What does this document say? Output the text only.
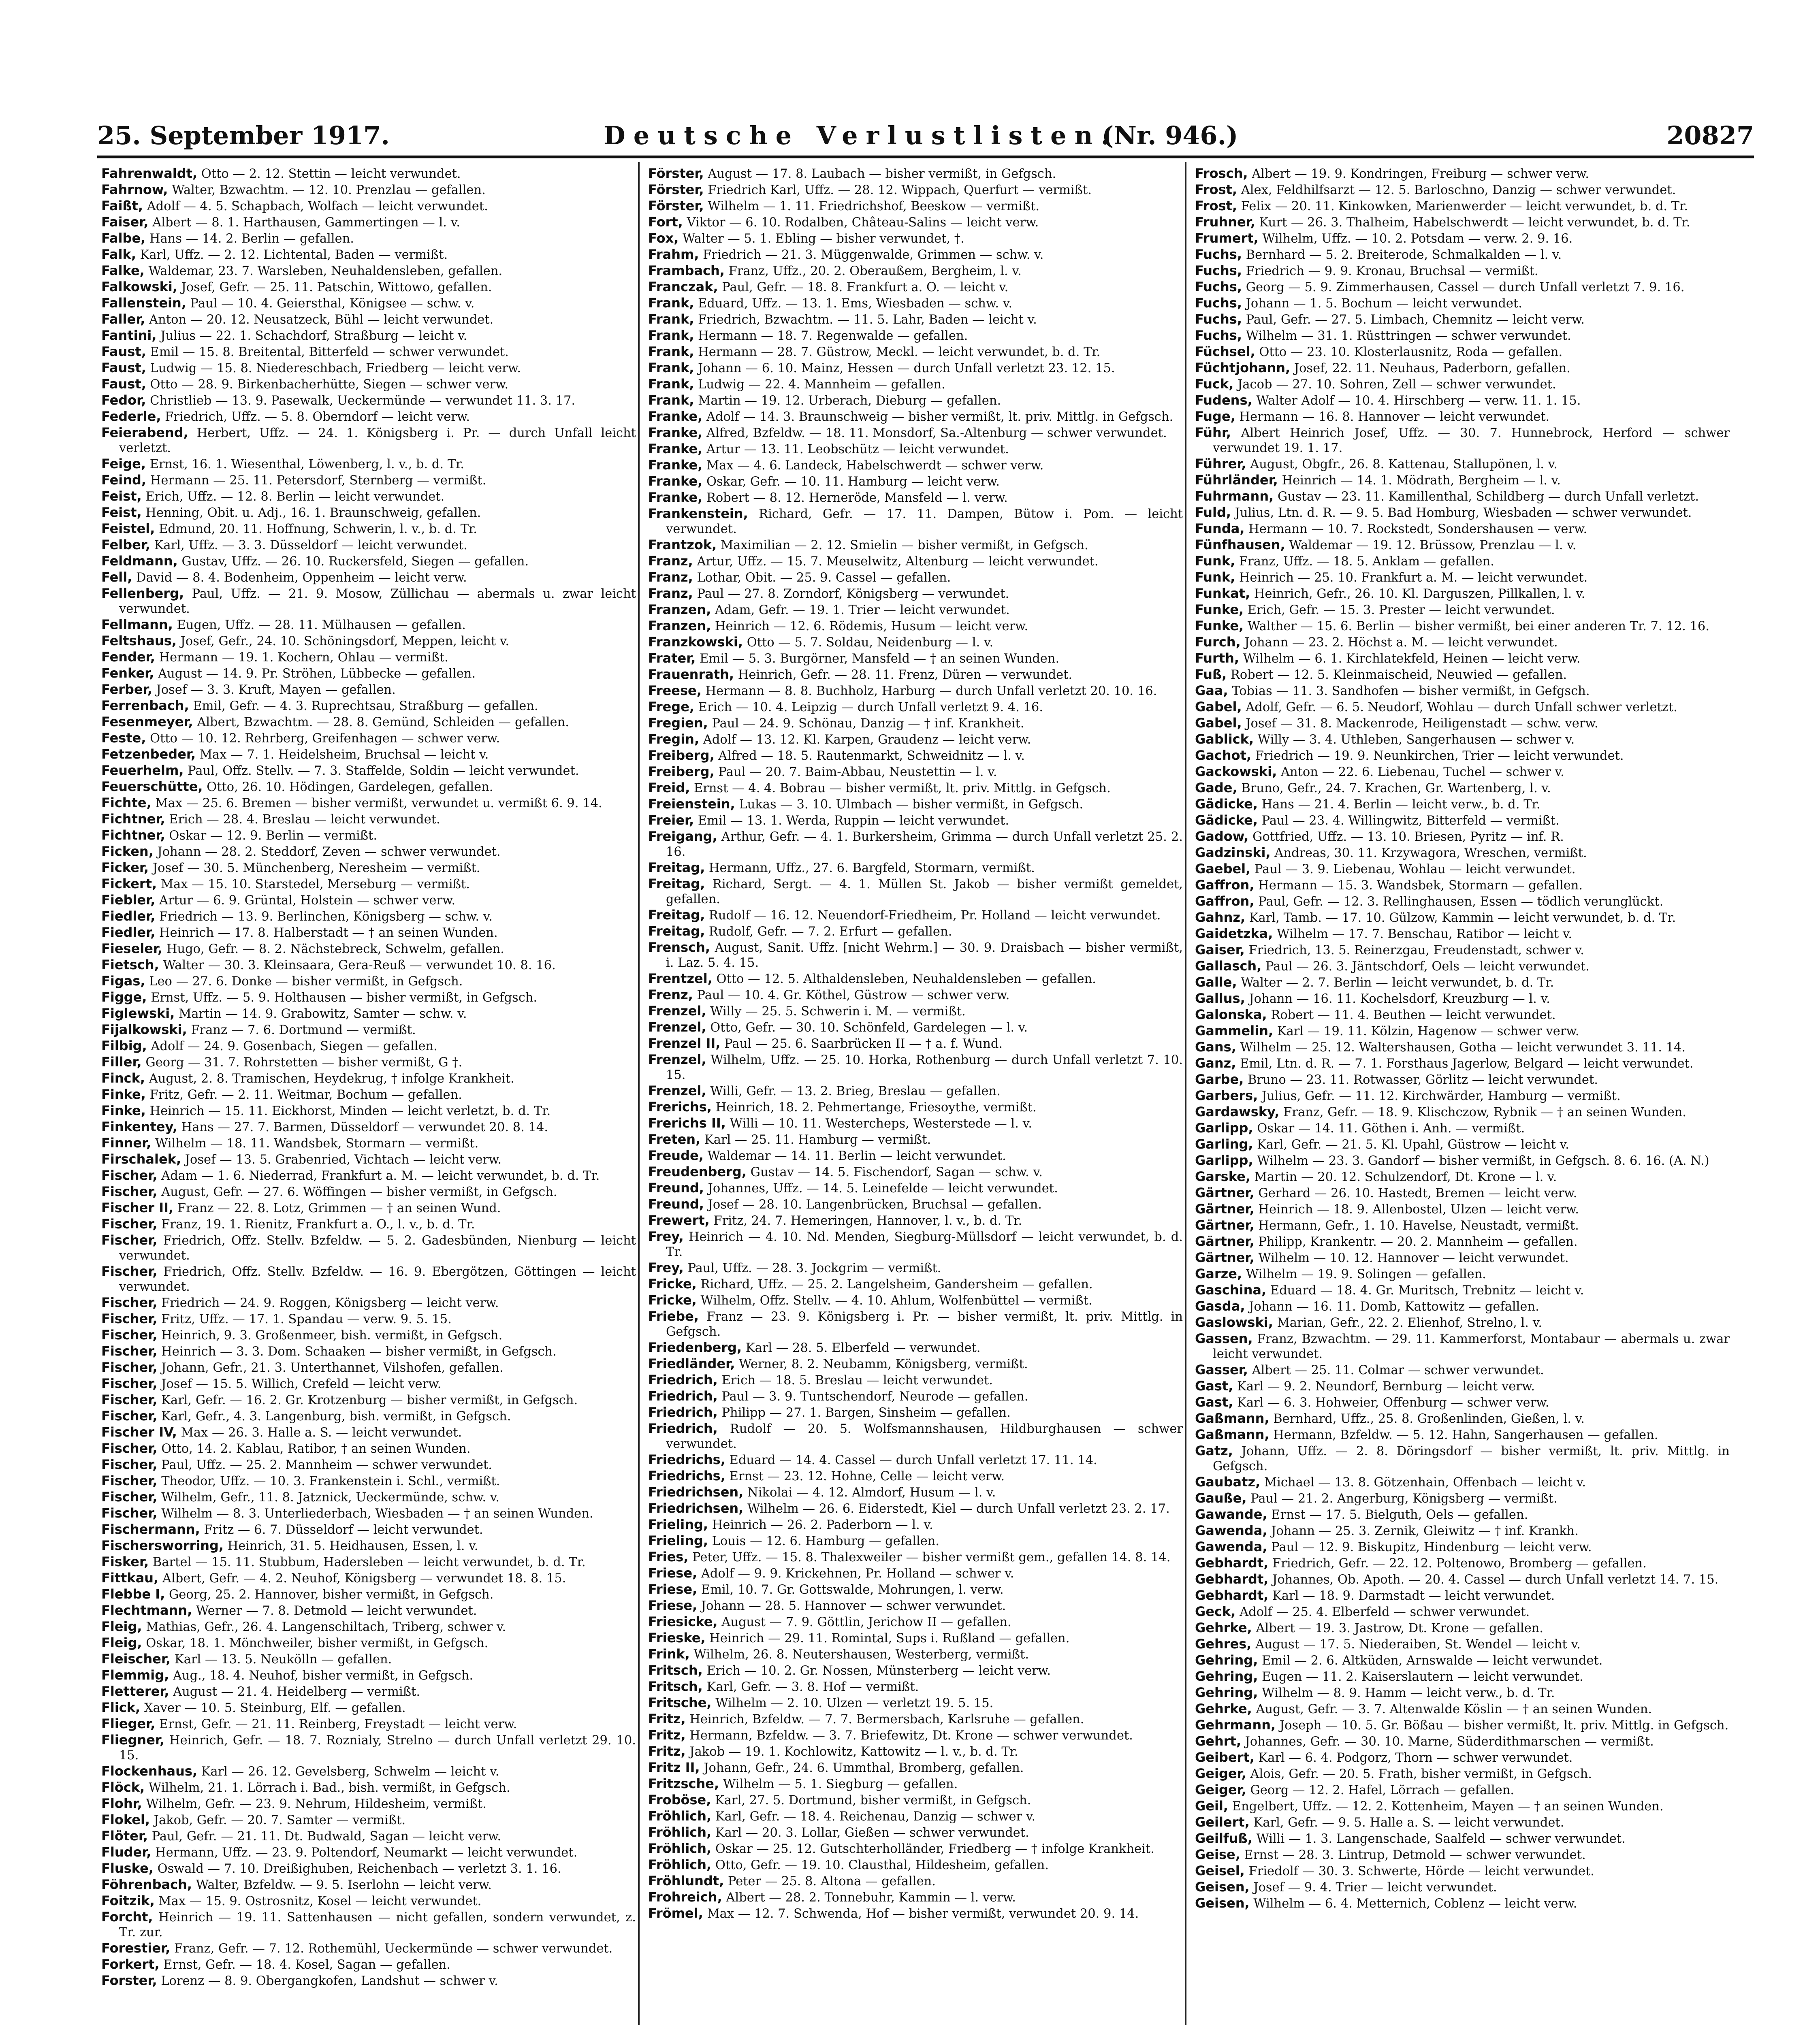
25. September 1917.	Deutsche Verlustlisten.
(Nr. 946.)	20827

Fahrenwaldt, Otto — 2. 12. Stettin — leicht verwundet.

Fahrnow, Walter, Bzwachtm. — 12. 10. Prenzlau — gefallen.

Faißt, Adolf — 4. 5. Schapbach, Wolfach — leicht verwundet.

Faiser, Albert — 8. 1. Harthausen, Gammertingen — l. v.

Falbe, Hans — 14. 2. Berlin — gefallen.

Falk, Karl, Uffz. — 2. 12. Lichtental, Baden — vermißt.

Falke, Waldemar, 23. 7. Warsleben, Neuhaldensleben, gefallen.

Falkowski, Josef, Gefr. — 25. 11. Patschin, Wittowo, gefallen.

Fallenstein, Paul — 10. 4. Geiersthal, Königsee — schw. v.

Faller, Anton — 20. 12. Neusatzeck, Bühl — leicht verwundet.

Fantini, Julius — 22. 1. Schachdorf, Straßburg — leicht v.

Faust, Emil — 15. 8. Breitental, Bitterfeld — schwer verwundet.

Faust, Ludwig — 15. 8. Niedereschbach, Friedberg — leicht verw.

Faust, Otto — 28. 9. Birkenbacherhütte, Siegen — schwer verw.

Fedor, Christlieb — 13. 9. Pasewalk, Ueckermünde — verwundet 11. 3. 17.

Federle, Friedrich, Uffz. — 5. 8. Oberndorf — leicht verw.

Feierabend, Herbert, Uffz. — 24. 1. Königsberg i. Pr. — durch Unfall leicht verletzt.

Feige, Ernst, 16. 1. Wiesenthal, Löwenberg, l. v., b. d. Tr.

Feind, Hermann — 25. 11. Petersdorf, Sternberg — vermißt.

Feist, Erich, Uffz. — 12. 8. Berlin — leicht verwundet.

Feist, Henning, Obit. u. Adj., 16. 1. Braunschweig, gefallen.

Feistel, Edmund, 20. 11. Hoffnung, Schwerin, l. v., b. d. Tr.

Felber, Karl, Uffz. — 3. 3. Düsseldorf — leicht verwundet.

Feldmann, Gustav, Uffz. — 26. 10. Ruckersfeld, Siegen — gefallen.

Fell, David — 8. 4. Bodenheim, Oppenheim — leicht verw.

Fellenberg, Paul, Uffz. — 21. 9. Mosow, Züllichau — abermals u. zwar leicht verwundet.

Fellmann, Eugen, Uffz. — 28. 11. Mülhausen — gefallen.

Feltshaus, Josef, Gefr., 24. 10. Schöningsdorf, Meppen, leicht v.

Fender, Hermann — 19. 1. Kochern, Ohlau — vermißt.

Fenker, August — 14. 9. Pr. Ströhen, Lübbecke — gefallen.

Ferber, Josef — 3. 3. Kruft, Mayen — gefallen.

Ferrenbach, Emil, Gefr. — 4. 3. Ruprechtsau, Straßburg — gefallen.

Fesenmeyer, Albert, Bzwachtm. — 28. 8. Gemünd, Schleiden — gefallen.

Feste, Otto — 10. 12. Rehrberg, Greifenhagen — schwer verw.

Fetzenbeder, Max — 7. 1. Heidelsheim, Bruchsal — leicht v.

Feuerhelm, Paul, Offz. Stellv. — 7. 3. Staffelde, Soldin — leicht verwundet.

Feuerschütte, Otto, 26. 10. Hödingen, Gardelegen, gefallen.

Fichte, Max — 25. 6. Bremen — bisher vermißt, verwundet u. vermißt 6. 9. 14.

Fichtner, Erich — 28. 4. Breslau — leicht verwundet.

Fichtner, Oskar — 12. 9. Berlin — vermißt.

Ficken, Johann — 28. 2. Steddorf, Zeven — schwer verwundet.

Ficker, Josef — 30. 5. Münchenberg, Neresheim — vermißt.

Fickert, Max — 15. 10. Starstedel, Merseburg — vermißt.

Fiebler, Artur — 6. 9. Grüntal, Holstein — schwer verw.

Fiedler, Friedrich — 13. 9. Berlinchen, Königsberg — schw. v.

Fiedler, Heinrich — 17. 8. Halberstadt — † an seinen Wunden.

Fieseler, Hugo, Gefr. — 8. 2. Nächstebreck, Schwelm, gefallen.

Fietsch, Walter — 30. 3. Kleinsaara, Gera-Reuß — verwundet 10. 8. 16.

Figas, Leo — 27. 6. Donke — bisher vermißt, in Gefgsch.

Figge, Ernst, Uffz. — 5. 9. Holthausen — bisher vermißt, in Gefgsch.

Figlewski, Martin — 14. 9. Grabowitz, Samter — schw. v.

Fijalkowski, Franz — 7. 6. Dortmund — vermißt.

Filbig, Adolf — 24. 9. Gosenbach, Siegen — gefallen.

Filler, Georg — 31. 7. Rohrstetten — bisher vermißt, G †.

Finck, August, 2. 8. Tramischen, Heydekrug, † infolge Krankheit.

Finke, Fritz, Gefr. — 2. 11. Weitmar, Bochum — gefallen.

Finke, Heinrich — 15. 11. Eickhorst, Minden — leicht verletzt, b. d. Tr.

Finkentey, Hans — 27. 7. Barmen, Düsseldorf — verwundet 20. 8. 14.

Finner, Wilhelm — 18. 11. Wandsbek, Stormarn — vermißt.

Firschalek, Josef — 13. 5. Grabenried, Vichtach — leicht verw.

Fischer, Adam — 1. 6. Niederrad, Frankfurt a. M. — leicht verwundet, b. d. Tr.

Fischer, August, Gefr. — 27. 6. Wöffingen — bisher vermißt, in Gefgsch.

Fischer II, Franz — 22. 8. Lotz, Grimmen — † an seinen Wund.

Fischer, Franz, 19. 1. Rienitz, Frankfurt a. O., l. v., b. d. Tr.

Fischer, Friedrich, Offz. Stellv. Bzfeldw. — 5. 2. Gadesbünden, Nienburg — leicht verwundet.

Fischer, Friedrich, Offz. Stellv. Bzfeldw. — 16. 9. Ebergötzen, Göttingen — leicht verwundet.

Fischer, Friedrich — 24. 9. Roggen, Königsberg — leicht verw.

Fischer, Fritz, Uffz. — 17. 1. Spandau — verw. 9. 5. 15.

Fischer, Heinrich, 9. 3. Großenmeer, bish. vermißt, in Gefgsch.

Fischer, Heinrich — 3. 3. Dom. Schaaken — bisher vermißt, in Gefgsch.

Fischer, Johann, Gefr., 21. 3. Unterthannet, Vilshofen, gefallen.

Fischer, Josef — 15. 5. Willich, Crefeld — leicht verw.

Fischer, Karl, Gefr. — 16. 2. Gr. Krotzenburg — bisher vermißt, in Gefgsch.

Fischer, Karl, Gefr., 4. 3. Langenburg, bish. vermißt, in Gefgsch.

Fischer IV, Max — 26. 3. Halle a. S. — leicht verwundet.

Fischer, Otto, 14. 2. Kablau, Ratibor, † an seinen Wunden.

Fischer, Paul, Uffz. — 25. 2. Mannheim — schwer verwundet.

Fischer, Theodor, Uffz. — 10. 3. Frankenstein i. Schl., vermißt.

Fischer, Wilhelm, Gefr., 11. 8. Jatznick, Ueckermünde, schw. v.

Fischer, Wilhelm — 8. 3. Unterliederbach, Wiesbaden — † an seinen Wunden.

Fischermann, Fritz — 6. 7. Düsseldorf — leicht verwundet.

Fischersworring, Heinrich, 31. 5. Heidhausen, Essen, l. v.

Fisker, Bartel — 15. 11. Stubbum, Hadersleben — leicht verwundet, b. d. Tr.

Fittkau, Albert, Gefr. — 4. 2. Neuhof, Königsberg — verwundet 18. 8. 15.

Flebbe I, Georg, 25. 2. Hannover, bisher vermißt, in Gefgsch.

Flechtmann, Werner — 7. 8. Detmold — leicht verwundet.

Fleig, Mathias, Gefr., 26. 4. Langenschiltach, Triberg, schwer v.

Fleig, Oskar, 18. 1. Mönchweiler, bisher vermißt, in Gefgsch.

Fleischer, Karl — 13. 5. Neukölln — gefallen.

Flemmig, Aug., 18. 4. Neuhof, bisher vermißt, in Gefgsch.

Fletterer, August — 21. 4. Heidelberg — vermißt.

Flick, Xaver — 10. 5. Steinburg, Elf. — gefallen.

Flieger, Ernst, Gefr. — 21. 11. Reinberg, Freystadt — leicht verw.

Fliegner, Heinrich, Gefr. — 18. 7. Roznialy, Strelno — durch Unfall verletzt 29. 10. 15.

Flockenhaus, Karl — 26. 12. Gevelsberg, Schwelm — leicht v.

Flöck, Wilhelm, 21. 1. Lörrach i. Bad., bish. vermißt, in Gefgsch.

Flohr, Wilhelm, Gefr. — 23. 9. Nehrum, Hildesheim, vermißt.

Flokel, Jakob, Gefr. — 20. 7. Samter — vermißt.

Flöter, Paul, Gefr. — 21. 11. Dt. Budwald, Sagan — leicht verw.

Fluder, Hermann, Uffz. — 23. 9. Poltendorf, Neumarkt — leicht verwundet.

Fluske, Oswald — 7. 10. Dreißighuben, Reichenbach — verletzt 3. 1. 16.

Föhrenbach, Walter, Bzfeldw. — 9. 5. Iserlohn — leicht verw.

Foitzik, Max — 15. 9. Ostrosnitz, Kosel — leicht verwundet.

Forcht, Heinrich — 19. 11. Sattenhausen — nicht gefallen, sondern verwundet, z. Tr. zur.

Forestier, Franz, Gefr. — 7. 12. Rothemühl, Ueckermünde — schwer verwundet.

Forkert, Ernst, Gefr. — 18. 4. Kosel, Sagan — gefallen.

Forster, Lorenz — 8. 9. Obergangkofen, Landshut — schwer v.

Förster, August — 17. 8. Laubach — bisher vermißt, in Gefgsch.

Förster, Friedrich Karl, Uffz. — 28. 12. Wippach, Querfurt — vermißt.

Förster, Wilhelm — 1. 11. Friedrichshof, Beeskow — vermißt.

Fort, Viktor — 6. 10. Rodalben, Château-Salins — leicht verw.

Fox, Walter — 5. 1. Ebling — bisher verwundet, †.

Frahm, Friedrich — 21. 3. Müggenwalde, Grimmen — schw. v.

Frambach, Franz, Uffz., 20. 2. Oberaußem, Bergheim, l. v.

Franczak, Paul, Gefr. — 18. 8. Frankfurt a. O. — leicht v.

Frank, Eduard, Uffz. — 13. 1. Ems, Wiesbaden — schw. v.

Frank, Friedrich, Bzwachtm. — 11. 5. Lahr, Baden — leicht v.

Frank, Hermann — 18. 7. Regenwalde — gefallen.

Frank, Hermann — 28. 7. Güstrow, Meckl. — leicht verwundet, b. d. Tr.

Frank, Johann — 6. 10. Mainz, Hessen — durch Unfall verletzt 23. 12. 15.

Frank, Ludwig — 22. 4. Mannheim — gefallen.

Frank, Martin — 19. 12. Urberach, Dieburg — gefallen.

Franke, Adolf — 14. 3. Braunschweig — bisher vermißt, lt. priv. Mittlg. in Gefgsch.

Franke, Alfred, Bzfeldw. — 18. 11. Monsdorf, Sa.-Altenburg — schwer verwundet.

Franke, Artur — 13. 11. Leobschütz — leicht verwundet.

Franke, Max — 4. 6. Landeck, Habelschwerdt — schwer verw.

Franke, Oskar, Gefr. — 10. 11. Hamburg — leicht verw.

Franke, Robert — 8. 12. Herneröde, Mansfeld — l. verw.

Frankenstein, Richard, Gefr. — 17. 11. Dampen, Bütow i. Pom. — leicht verwundet.

Frantzok, Maximilian — 2. 12. Smielin — bisher vermißt, in Gefgsch.

Franz, Artur, Uffz. — 15. 7. Meuselwitz, Altenburg — leicht verwundet.

Franz, Lothar, Obit. — 25. 9. Cassel — gefallen.

Franz, Paul — 27. 8. Zorndorf, Königsberg — verwundet.

Franzen, Adam, Gefr. — 19. 1. Trier — leicht verwundet.

Franzen, Heinrich — 12. 6. Rödemis, Husum — leicht verw.

Franzkowski, Otto — 5. 7. Soldau, Neidenburg — l. v.

Frater, Emil — 5. 3. Burgörner, Mansfeld — † an seinen Wunden.

Frauenrath, Heinrich, Gefr. — 28. 11. Frenz, Düren — verwundet.

Freese, Hermann — 8. 8. Buchholz, Harburg — durch Unfall verletzt 20. 10. 16.

Frege, Erich — 10. 4. Leipzig — durch Unfall verletzt 9. 4. 16.

Fregien, Paul — 24. 9. Schönau, Danzig — † inf. Krankheit.

Fregin, Adolf — 13. 12. Kl. Karpen, Graudenz — leicht verw.

Freiberg, Alfred — 18. 5. Rautenmarkt, Schweidnitz — l. v.

Freiberg, Paul — 20. 7. Baim-Abbau, Neustettin — l. v.

Freid, Ernst — 4. 4. Bobrau — bisher vermißt, lt. priv. Mittlg. in Gefgsch.

Freienstein, Lukas — 3. 10. Ulmbach — bisher vermißt, in Gefgsch.

Freier, Emil — 13. 1. Werda, Ruppin — leicht verwundet.

Freigang, Arthur, Gefr. — 4. 1. Burkersheim, Grimma — durch Unfall verletzt 25. 2. 16.

Freitag, Hermann, Uffz., 27. 6. Bargfeld, Stormarn, vermißt.

Freitag, Richard, Sergt. — 4. 1. Müllen St. Jakob — bisher vermißt gemeldet, gefallen.

Freitag, Rudolf — 16. 12. Neuendorf-Friedheim, Pr. Holland — leicht verwundet.

Freitag, Rudolf, Gefr. — 7. 2. Erfurt — gefallen.

Frensch, August, Sanit. Uffz. [nicht Wehrm.] — 30. 9. Draisbach — bisher vermißt, i. Laz. 5. 4. 15.

Frentzel, Otto — 12. 5. Althaldensleben, Neuhaldensleben — gefallen.

Frenz, Paul — 10. 4. Gr. Köthel, Güstrow — schwer verw.

Frenzel, Willy — 25. 5. Schwerin i. M. — vermißt.

Frenzel, Otto, Gefr. — 30. 10. Schönfeld, Gardelegen — l. v.

Frenzel II, Paul — 25. 6. Saarbrücken II — † a. f. Wund.

Frenzel, Wilhelm, Uffz. — 25. 10. Horka, Rothenburg — durch Unfall verletzt 7. 10. 15.

Frenzel, Willi, Gefr. — 13. 2. Brieg, Breslau — gefallen.

Frerichs, Heinrich, 18. 2. Pehmertange, Friesoythe, vermißt.

Frerichs II, Willi — 10. 11. Westercheps, Westerstede — l. v.

Freten, Karl — 25. 11. Hamburg — vermißt.

Freude, Waldemar — 14. 11. Berlin — leicht verwundet.

Freudenberg, Gustav — 14. 5. Fischendorf, Sagan — schw. v.

Freund, Johannes, Uffz. — 14. 5. Leinefelde — leicht verwundet.

Freund, Josef — 28. 10. Langenbrücken, Bruchsal — gefallen.

Frewert, Fritz, 24. 7. Hemeringen, Hannover, l. v., b. d. Tr.

Frey, Heinrich — 4. 10. Nd. Menden, Siegburg-Müllsdorf — leicht verwundet, b. d. Tr.

Frey, Paul, Uffz. — 28. 3. Jockgrim — vermißt.

Fricke, Richard, Uffz. — 25. 2. Langelsheim, Gandersheim — gefallen.

Fricke, Wilhelm, Offz. Stellv. — 4. 10. Ahlum, Wolfenbüttel — vermißt.

Friebe, Franz — 23. 9. Königsberg i. Pr. — bisher vermißt, lt. priv. Mittlg. in Gefgsch.

Friedenberg, Karl — 28. 5. Elberfeld — verwundet.

Friedländer, Werner, 8. 2. Neubamm, Königsberg, vermißt.

Friedrich, Erich — 18. 5. Breslau — leicht verwundet.

Friedrich, Paul — 3. 9. Tuntschendorf, Neurode — gefallen.

Friedrich, Philipp — 27. 1. Bargen, Sinsheim — gefallen.

Friedrich, Rudolf — 20. 5. Wolfsmannshausen, Hildburghausen — schwer verwundet.

Friedrichs, Eduard — 14. 4. Cassel — durch Unfall verletzt 17. 11. 14.

Friedrichs, Ernst — 23. 12. Hohne, Celle — leicht verw.

Friedrichsen, Nikolai — 4. 12. Almdorf, Husum — l. v.

Friedrichsen, Wilhelm — 26. 6. Eiderstedt, Kiel — durch Unfall verletzt 23. 2. 17.

Frieling, Heinrich — 26. 2. Paderborn — l. v.

Frieling, Louis — 12. 6. Hamburg — gefallen.

Fries, Peter, Uffz. — 15. 8. Thalexweiler — bisher vermißt gem., gefallen 14. 8. 14.

Friese, Adolf — 9. 9. Krickehnen, Pr. Holland — schwer v.

Friese, Emil, 10. 7. Gr. Gottswalde, Mohrungen, l. verw.

Friese, Johann — 28. 5. Hannover — schwer verwundet.

Friesicke, August — 7. 9. Göttlin, Jerichow II — gefallen.

Frieske, Heinrich — 29. 11. Romintal, Sups i. Rußland — gefallen.

Frink, Wilhelm, 26. 8. Neutershausen, Westerberg, vermißt.

Fritsch, Erich — 10. 2. Gr. Nossen, Münsterberg — leicht verw.

Fritsch, Karl, Gefr. — 3. 8. Hof — vermißt.

Fritsche, Wilhelm — 2. 10. Ulzen — verletzt 19. 5. 15.

Fritz, Heinrich, Bzfeldw. — 7. 7. Bermersbach, Karlsruhe — gefallen.

Fritz, Hermann, Bzfeldw. — 3. 7. Briefewitz, Dt. Krone — schwer verwundet.

Fritz, Jakob — 19. 1. Kochlowitz, Kattowitz — l. v., b. d. Tr.

Fritz II, Johann, Gefr., 24. 6. Ummthal, Bromberg, gefallen.

Fritzsche, Wilhelm — 5. 1. Siegburg — gefallen.

Froböse, Karl, 27. 5. Dortmund, bisher vermißt, in Gefgsch.

Fröhlich, Karl, Gefr. — 18. 4. Reichenau, Danzig — schwer v.

Fröhlich, Karl — 20. 3. Lollar, Gießen — schwer verwundet.

Fröhlich, Oskar — 25. 12. Gutschterholländer, Friedberg — † infolge Krankheit.

Fröhlich, Otto, Gefr. — 19. 10. Clausthal, Hildesheim, gefallen.

Fröhlundt, Peter — 25. 8. Altona — gefallen.

Frohreich, Albert — 28. 2. Tonnebuhr, Kammin — l. verw.

Frömel, Max — 12. 7. Schwenda, Hof — bisher vermißt, verwundet 20. 9. 14.

Frosch, Albert — 19. 9. Kondringen, Freiburg — schwer verw.

Frost, Alex, Feldhilfsarzt — 12. 5. Barloschno, Danzig — schwer verwundet.

Frost, Felix — 20. 11. Kinkowken, Marienwerder — leicht verwundet, b. d. Tr.

Fruhner, Kurt — 26. 3. Thalheim, Habelschwerdt — leicht verwundet, b. d. Tr.

Frumert, Wilhelm, Uffz. — 10. 2. Potsdam — verw. 2. 9. 16.

Fuchs, Bernhard — 5. 2. Breiterode, Schmalkalden — l. v.

Fuchs, Friedrich — 9. 9. Kronau, Bruchsal — vermißt.

Fuchs, Georg — 5. 9. Zimmerhausen, Cassel — durch Unfall verletzt 7. 9. 16.

Fuchs, Johann — 1. 5. Bochum — leicht verwundet.

Fuchs, Paul, Gefr. — 27. 5. Limbach, Chemnitz — leicht verw.

Fuchs, Wilhelm — 31. 1. Rüsttringen — schwer verwundet.

Füchsel, Otto — 23. 10. Klosterlausnitz, Roda — gefallen.

Füchtjohann, Josef, 22. 11. Neuhaus, Paderborn, gefallen.

Fuck, Jacob — 27. 10. Sohren, Zell — schwer verwundet.

Fudens, Walter Adolf — 10. 4. Hirschberg — verw. 11. 1. 15.

Fuge, Hermann — 16. 8. Hannover — leicht verwundet.

Führ, Albert Heinrich Josef, Uffz. — 30. 7. Hunnebrock, Herford — schwer verwundet 19. 1. 17.

Führer, August, Obgfr., 26. 8. Kattenau, Stallupönen, l. v.

Führländer, Heinrich — 14. 1. Mödrath, Bergheim — l. v.

Fuhrmann, Gustav — 23. 11. Kamillenthal, Schildberg — durch Unfall verletzt.

Fuld, Julius, Ltn. d. R. — 9. 5. Bad Homburg, Wiesbaden — schwer verwundet.

Funda, Hermann — 10. 7. Rockstedt, Sondershausen — verw.

Fünfhausen, Waldemar — 19. 12. Brüssow, Prenzlau — l. v.

Funk, Franz, Uffz. — 18. 5. Anklam — gefallen.

Funk, Heinrich — 25. 10. Frankfurt a. M. — leicht verwundet.

Funkat, Heinrich, Gefr., 26. 10. Kl. Darguszen, Pillkallen, l. v.

Funke, Erich, Gefr. — 15. 3. Prester — leicht verwundet.

Funke, Walther — 15. 6. Berlin — bisher vermißt, bei einer anderen Tr. 7. 12. 16.

Furch, Johann — 23. 2. Höchst a. M. — leicht verwundet.

Furth, Wilhelm — 6. 1. Kirchlatekfeld, Heinen — leicht verw.

Fuß, Robert — 12. 5. Kleinmaischeid, Neuwied — gefallen.

Gaa, Tobias — 11. 3. Sandhofen — bisher vermißt, in Gefgsch.

Gabel, Adolf, Gefr. — 6. 5. Neudorf, Wohlau — durch Unfall schwer verletzt.

Gabel, Josef — 31. 8. Mackenrode, Heiligenstadt — schw. verw.

Gablick, Willy — 3. 4. Uthleben, Sangerhausen — schwer v.

Gachot, Friedrich — 19. 9. Neunkirchen, Trier — leicht verwundet.

Gackowski, Anton — 22. 6. Liebenau, Tuchel — schwer v.

Gade, Bruno, Gefr., 24. 7. Krachen, Gr. Wartenberg, l. v.

Gädicke, Hans — 21. 4. Berlin — leicht verw., b. d. Tr.

Gädicke, Paul — 23. 4. Willingwitz, Bitterfeld — vermißt.

Gadow, Gottfried, Uffz. — 13. 10. Briesen, Pyritz — inf. R.

Gadzinski, Andreas, 30. 11. Krzywagora, Wreschen, vermißt.

Gaebel, Paul — 3. 9. Liebenau, Wohlau — leicht verwundet.

Gaffron, Hermann — 15. 3. Wandsbek, Stormarn — gefallen.

Gaffron, Paul, Gefr. — 12. 3. Rellinghausen, Essen — tödlich verunglückt.

Gahnz, Karl, Tamb. — 17. 10. Gülzow, Kammin — leicht verwundet, b. d. Tr.

Gaidetzka, Wilhelm — 17. 7. Benschau, Ratibor — leicht v.

Gaiser, Friedrich, 13. 5. Reinerzgau, Freudenstadt, schwer v.

Gallasch, Paul — 26. 3. Jäntschdorf, Oels — leicht verwundet.

Galle, Walter — 2. 7. Berlin — leicht verwundet, b. d. Tr.

Gallus, Johann — 16. 11. Kochelsdorf, Kreuzburg — l. v.

Galonska, Robert — 11. 4. Beuthen — leicht verwundet.

Gammelin, Karl — 19. 11. Kölzin, Hagenow — schwer verw.

Gans, Wilhelm — 25. 12. Waltershausen, Gotha — leicht verwundet 3. 11. 14.

Ganz, Emil, Ltn. d. R. — 7. 1. Forsthaus Jagerlow, Belgard — leicht verwundet.

Garbe, Bruno — 23. 11. Rotwasser, Görlitz — leicht verwundet.

Garbers, Julius, Gefr. — 11. 12. Kirchwärder, Hamburg — vermißt.

Gardawsky, Franz, Gefr. — 18. 9. Klischczow, Rybnik — † an seinen Wunden.

Garlipp, Oskar — 14. 11. Göthen i. Anh. — vermißt.

Garling, Karl, Gefr. — 21. 5. Kl. Upahl, Güstrow — leicht v.

Garlipp, Wilhelm — 23. 3. Gandorf — bisher vermißt, in Gefgsch. 8. 6. 16. (A. N.)

Garske, Martin — 20. 12. Schulzendorf, Dt. Krone — l. v.

Gärtner, Gerhard — 26. 10. Hastedt, Bremen — leicht verw.

Gärtner, Heinrich — 18. 9. Allenbostel, Ulzen — leicht verw.

Gärtner, Hermann, Gefr., 1. 10. Havelse, Neustadt, vermißt.

Gärtner, Philipp, Krankentr. — 20. 2. Mannheim — gefallen.

Gärtner, Wilhelm — 10. 12. Hannover — leicht verwundet.

Garze, Wilhelm — 19. 9. Solingen — gefallen.

Gaschina, Eduard — 18. 4. Gr. Muritsch, Trebnitz — leicht v.

Gasda, Johann — 16. 11. Domb, Kattowitz — gefallen.

Gaslowski, Marian, Gefr., 22. 2. Elienhof, Strelno, l. v.

Gassen, Franz, Bzwachtm. — 29. 11. Kammerforst, Montabaur — abermals u. zwar leicht verwundet.

Gasser, Albert — 25. 11. Colmar — schwer verwundet.

Gast, Karl — 9. 2. Neundorf, Bernburg — leicht verw.

Gast, Karl — 6. 3. Hohweier, Offenburg — schwer verw.

Gaßmann, Bernhard, Uffz., 25. 8. Großenlinden, Gießen, l. v.

Gaßmann, Hermann, Bzfeldw. — 5. 12. Hahn, Sangerhausen — gefallen.

Gatz, Johann, Uffz. — 2. 8. Döringsdorf — bisher vermißt, lt. priv. Mittlg. in Gefgsch.

Gaubatz, Michael — 13. 8. Götzenhain, Offenbach — leicht v.

Gauße, Paul — 21. 2. Angerburg, Königsberg — vermißt.

Gawande, Ernst — 17. 5. Bielguth, Oels — gefallen.

Gawenda, Johann — 25. 3. Zernik, Gleiwitz — † inf. Krankh.

Gawenda, Paul — 12. 9. Biskupitz, Hindenburg — leicht verw.

Gebhardt, Friedrich, Gefr. — 22. 12. Poltenowo, Bromberg — gefallen.

Gebhardt, Johannes, Ob. Apoth. — 20. 4. Cassel — durch Unfall verletzt 14. 7. 15.

Gebhardt, Karl — 18. 9. Darmstadt — leicht verwundet.

Geck, Adolf — 25. 4. Elberfeld — schwer verwundet.

Gehrke, Albert — 19. 3. Jastrow, Dt. Krone — gefallen.

Gehres, August — 17. 5. Niederaiben, St. Wendel — leicht v.

Gehring, Emil — 2. 6. Altküden, Arnswalde — leicht verwundet.

Gehring, Eugen — 11. 2. Kaiserslautern — leicht verwundet.

Gehring, Wilhelm — 8. 9. Hamm — leicht verw., b. d. Tr.

Gehrke, August, Gefr. — 3. 7. Altenwalde Köslin — † an seinen Wunden.

Gehrmann, Joseph — 10. 5. Gr. Bößau — bisher vermißt, lt. priv. Mittlg. in Gefgsch.

Gehrt, Johannes, Gefr. — 30. 10. Marne, Süderdithmarschen — vermißt.

Geibert, Karl — 6. 4. Podgorz, Thorn — schwer verwundet.

Geiger, Alois, Gefr. — 20. 5. Frath, bisher vermißt, in Gefgsch.

Geiger, Georg — 12. 2. Hafel, Lörrach — gefallen.

Geil, Engelbert, Uffz. — 12. 2. Kottenheim, Mayen — † an seinen Wunden.

Geilert, Karl, Gefr. — 9. 5. Halle a. S. — leicht verwundet.

Geilfuß, Willi — 1. 3. Langenschade, Saalfeld — schwer verwundet.

Geise, Ernst — 28. 3. Lintrup, Detmold — schwer verwundet.

Geisel, Friedolf — 30. 3. Schwerte, Hörde — leicht verwundet.

Geisen, Josef — 9. 4. Trier — leicht verwundet.

Geisen, Wilhelm — 6. 4. Metternich, Coblenz — leicht verw.
